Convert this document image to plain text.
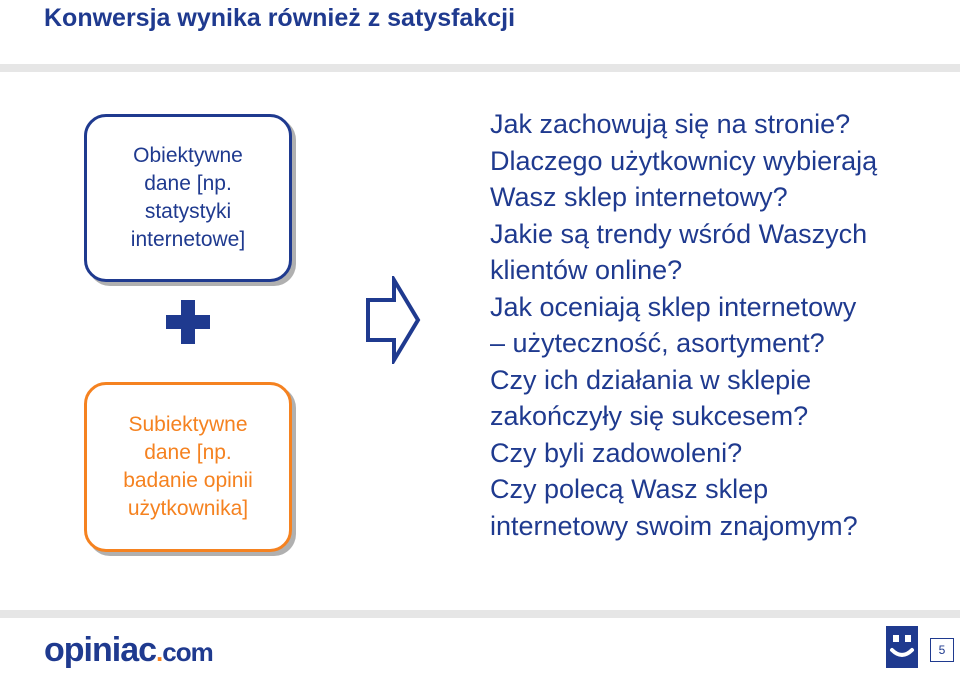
Konwersja wynika również z satysfakcji
Obiektywne
dane [np.
statystyki
internetowe]
Subiektywne
dane [np.
badanie opinii
użytkownika]
Jak zachowują się na stronie?
Dlaczego użytkownicy wybierają
Wasz sklep internetowy?
Jakie są trendy wśród Waszych
klientów online?
Jak oceniają sklep internetowy
– użyteczność, asortyment?
Czy ich działania w sklepie
zakończyły się sukcesem?
Czy byli zadowoleni?
Czy polecą Wasz sklep
internetowy swoim znajomym?
opiniac.com	5
